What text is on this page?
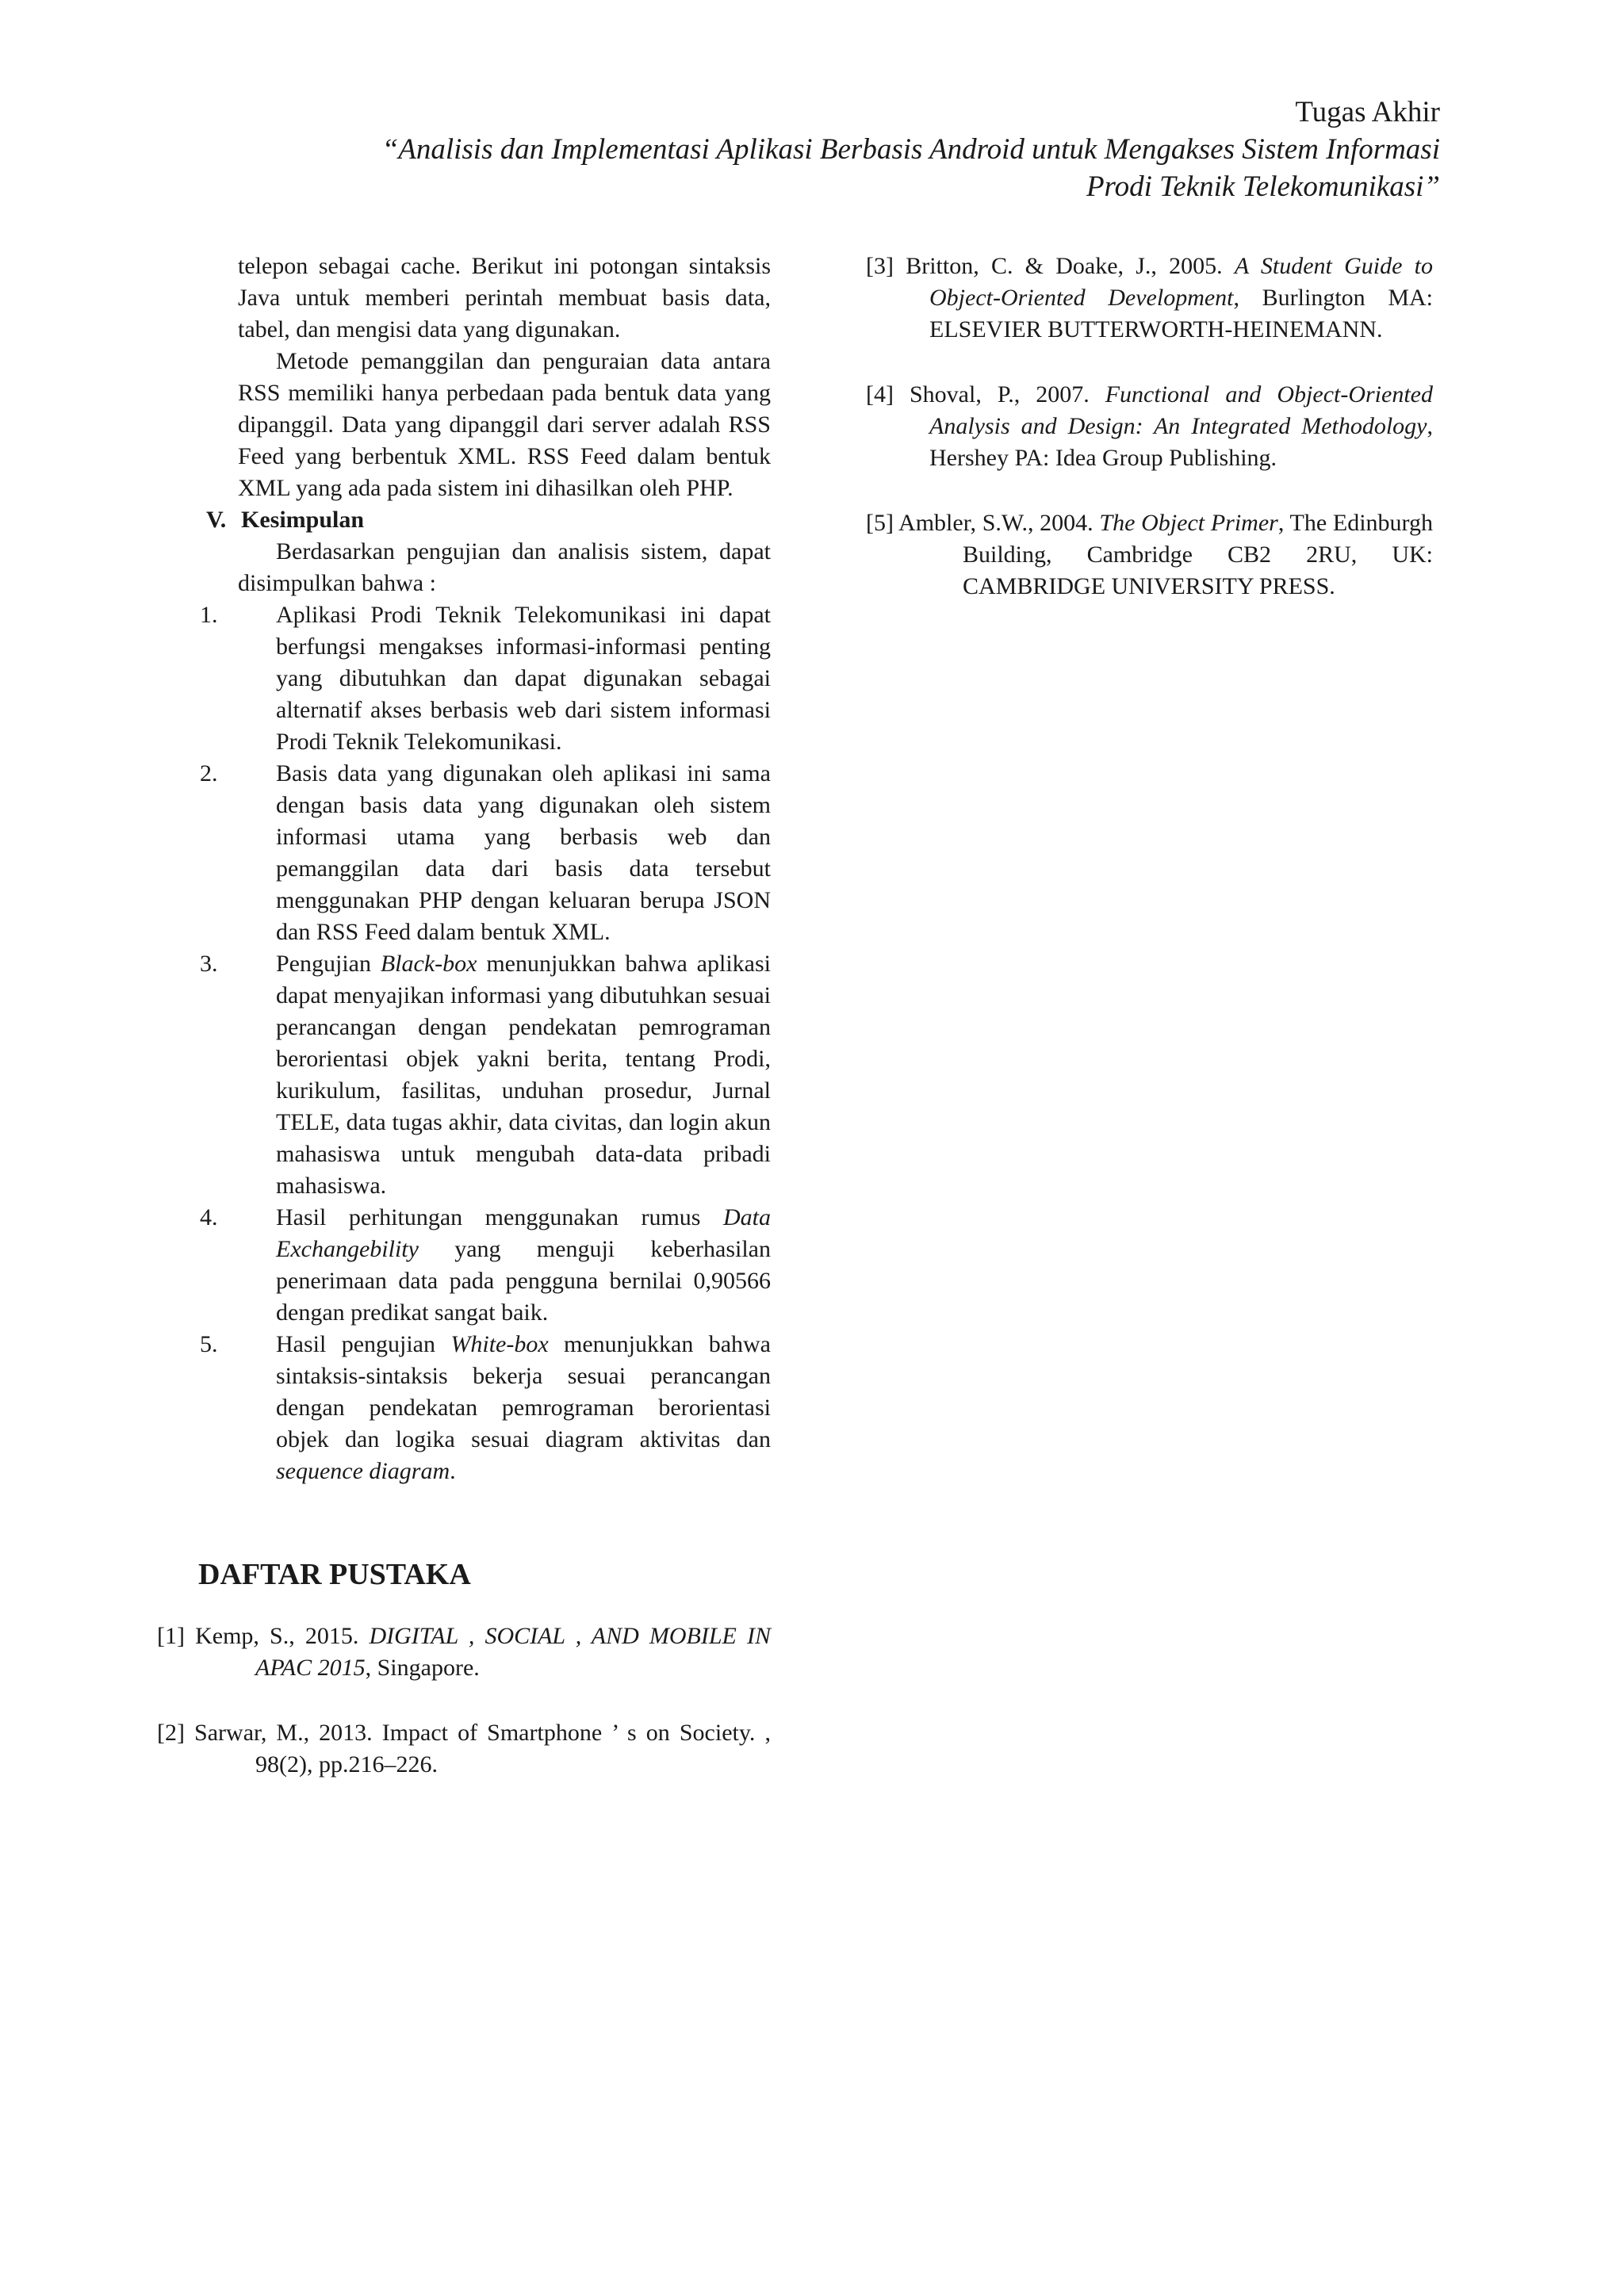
Tugas Akhir
“Analisis dan Implementasi Aplikasi Berbasis Android untuk Mengakses Sistem Informasi
Prodi Teknik Telekomunikasi”

telepon sebagai cache. Berikut ini potongan sintaksis Java untuk memberi perintah membuat basis data, tabel, dan mengisi data yang digunakan.

Metode pemanggilan dan penguraian data antara RSS memiliki hanya perbedaan pada bentuk data yang dipanggil. Data yang dipanggil dari server adalah RSS Feed yang berbentuk XML. RSS Feed dalam bentuk XML yang ada pada sistem ini dihasilkan oleh PHP.

V. Kesimpulan

Berdasarkan pengujian dan analisis sistem, dapat disimpulkan bahwa :

1.	Aplikasi Prodi Teknik Telekomunikasi ini dapat berfungsi mengakses informasi-informasi penting yang dibutuhkan dan dapat digunakan sebagai alternatif akses berbasis web dari sistem informasi Prodi Teknik Telekomunikasi.
2.	Basis data yang digunakan oleh aplikasi ini sama dengan basis data yang digunakan oleh sistem informasi utama yang berbasis web dan pemanggilan data dari basis data tersebut menggunakan PHP dengan keluaran berupa JSON dan RSS Feed dalam bentuk XML.
3.	Pengujian Black-box menunjukkan bahwa aplikasi dapat menyajikan informasi yang dibutuhkan sesuai perancangan dengan pendekatan pemrograman berorientasi objek yakni berita, tentang Prodi, kurikulum, fasilitas, unduhan prosedur, Jurnal TELE, data tugas akhir, data civitas, dan login akun mahasiswa untuk mengubah data-data pribadi mahasiswa.
4.	Hasil perhitungan menggunakan rumus Data Exchangebility yang menguji keberhasilan penerimaan data pada pengguna bernilai 0,90566 dengan predikat sangat baik.
5.	Hasil pengujian White-box menunjukkan bahwa sintaksis-sintaksis bekerja sesuai perancangan dengan pendekatan pemrograman berorientasi objek dan logika sesuai diagram aktivitas dan sequence diagram.
DAFTAR PUSTAKA
[1] Kemp, S., 2015. DIGITAL , SOCIAL , AND MOBILE IN APAC 2015, Singapore.
[2] Sarwar, M., 2013. Impact of Smartphone ’ s on Society. , 98(2), pp.216–226.
[3] Britton, C. & Doake, J., 2005. A Student Guide to Object-Oriented Development, Burlington MA: ELSEVIER BUTTERWORTH-HEINEMANN.
[4] Shoval, P., 2007. Functional and Object-Oriented Analysis and Design: An Integrated Methodology, Hershey PA: Idea Group Publishing.
[5] Ambler, S.W., 2004. The Object Primer, The Edinburgh Building, Cambridge CB2 2RU, UK: CAMBRIDGE UNIVERSITY PRESS.
